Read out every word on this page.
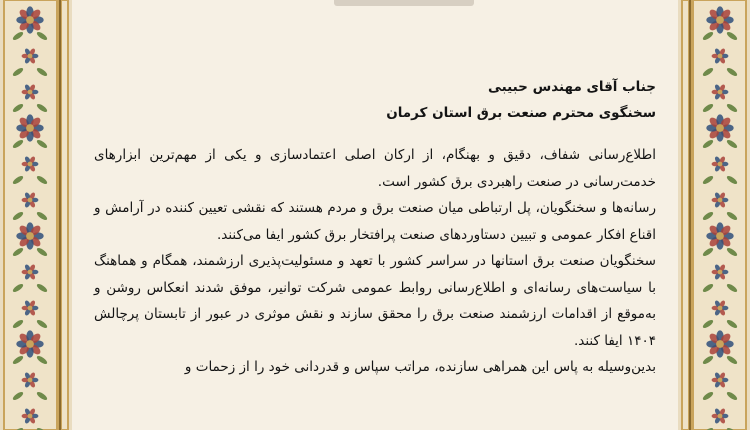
جناب آقای مهندس حبیبی
سخنگوی محترم صنعت برق استان کرمان

اطلاع‌رسانی شفاف، دقیق و بهنگام، از ارکان اصلی اعتمادسازی و یکی از مهم‌ترین ابزارهای خدمت‌رسانی در صنعت راهبردی برق کشور است.

رسانه‌ها و سخنگویان، پل ارتباطی میان صنعت برق و مردم هستند که نقشی تعیین کننده در آرامش و اقناع افکار عمومی و تبیین دستاوردهای صنعت پرافتخار برق کشور ایفا می‌کنند.

سخنگویان صنعت برق استانها در سراسر کشور با تعهد و مسئولیت‌پذیری ارزشمند، همگام و هماهنگ با سیاست‌های رسانه‌ای و اطلاع‌رسانی روابط عمومی شرکت توانیر، موفق شدند انعکاس روشن و به‌موقع از اقدامات ارزشمند صنعت برق را محقق سازند و نقش موثری در عبور از تابستان پرچالش ۱۴۰۴ ایفا کنند.

بدین‌وسیله به پاس این همراهی سازنده، مراتب سپاس و قدردانی خود را از زحمات و
